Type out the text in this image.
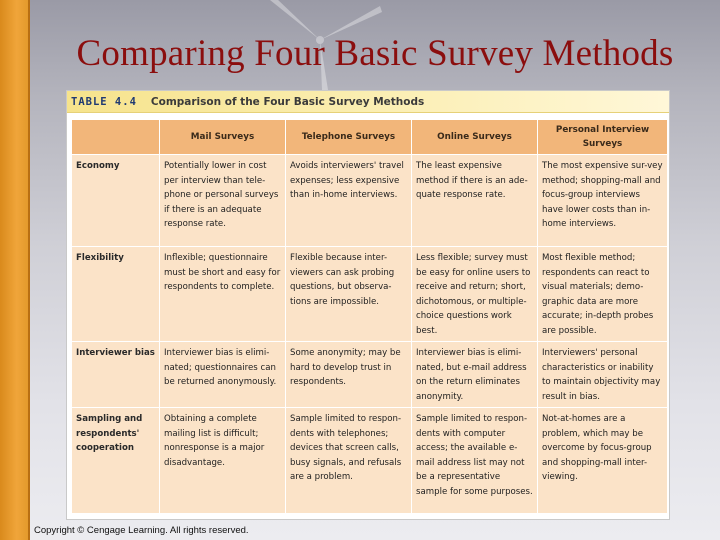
Comparing Four Basic Survey Methods
TABLE 4.4 Comparison of the Four Basic Survey Methods
	Mail Surveys	Telephone Surveys	Online Surveys	Personal Interview Surveys
Economy	Potentially lower in cost per interview than tele-phone or personal surveys if there is an adequate response rate.	Avoids interviewers' travel expenses; less expensive than in-home interviews.	The least expensive method if there is an ade-quate response rate.	The most expensive sur-vey method; shopping-mall and focus-group interviews have lower costs than in-home interviews.
Flexibility	Inflexible; questionnaire must be short and easy for respondents to complete.	Flexible because inter-viewers can ask probing questions, but observa-tions are impossible.	Less flexible; survey must be easy for online users to receive and return; short, dichotomous, or multiple-choice questions work best.	Most flexible method; respondents can react to visual materials; demo-graphic data are more accurate; in-depth probes are possible.
Interviewer bias	Interviewer bias is elimi-nated; questionnaires can be returned anonymously.	Some anonymity; may be hard to develop trust in respondents.	Interviewer bias is elimi-nated, but e-mail address on the return eliminates anonymity.	Interviewers' personal characteristics or inability to maintain objectivity may result in bias.
Sampling and respondents' cooperation	Obtaining a complete mailing list is difficult; nonresponse is a major disadvantage.	Sample limited to respon-dents with telephones; devices that screen calls, busy signals, and refusals are a problem.	Sample limited to respon-dents with computer access; the available e-mail address list may not be a representative sample for some purposes.	Not-at-homes are a problem, which may be overcome by focus-group and shopping-mall inter-viewing.
Copyright © Cengage Learning. All rights reserved.
